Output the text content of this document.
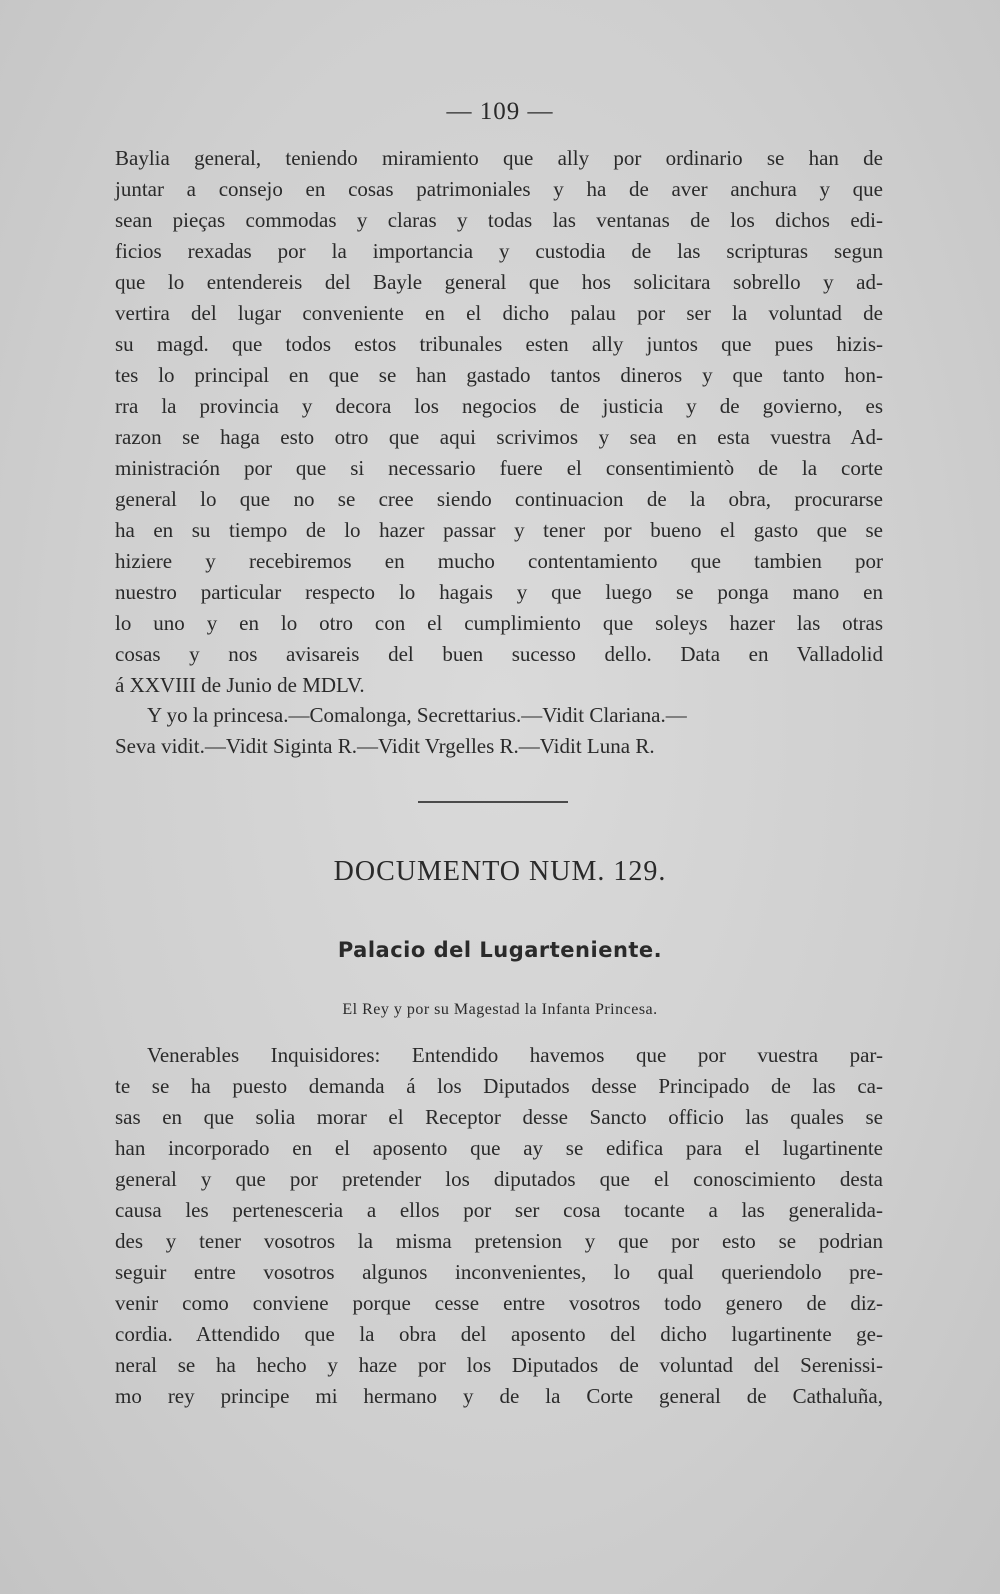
— 109 —
Baylia general, teniendo miramiento que ally por ordinario se han de
juntar a consejo en cosas patrimoniales y ha de aver anchura y que
sean pieças commodas y claras y todas las ventanas de los dichos edi-
ficios rexadas por la importancia y custodia de las scripturas segun
que lo entendereis del Bayle general que hos solicitara sobrello y ad-
vertira del lugar conveniente en el dicho palau por ser la voluntad de
su magd. que todos estos tribunales esten ally juntos que pues hizis-
tes lo principal en que se han gastado tantos dineros y que tanto hon-
rra la provincia y decora los negocios de justicia y de govierno, es
razon se haga esto otro que aqui scrivimos y sea en esta vuestra Ad-
ministración por que si necessario fuere el consentimientò de la corte
general lo que no se cree siendo continuacion de la obra, procurarse
ha en su tiempo de lo hazer passar y tener por bueno el gasto que se
hiziere y recebiremos en mucho contentamiento que tambien por
nuestro particular respecto lo hagais y que luego se ponga mano en
lo uno y en lo otro con el cumplimiento que soleys hazer las otras
cosas y nos avisareis del buen sucesso dello. Data en Valladolid
á XXVIII de Junio de MDLV.
Y yo la princesa.—Comalonga, Secrettarius.—Vidit Clariana.—
Seva vidit.—Vidit Siginta R.—Vidit Vrgelles R.—Vidit Luna R.
DOCUMENTO NUM. 129.
Palacio del Lugarteniente.
El Rey y por su Magestad la Infanta Princesa.
Venerables Inquisidores: Entendido havemos que por vuestra par-
te se ha puesto demanda á los Diputados desse Principado de las ca-
sas en que solia morar el Receptor desse Sancto officio las quales se
han incorporado en el aposento que ay se edifica para el lugartinente
general y que por pretender los diputados que el conoscimiento desta
causa les pertenesceria a ellos por ser cosa tocante a las generalida-
des y tener vosotros la misma pretension y que por esto se podrian
seguir entre vosotros algunos inconvenientes, lo qual queriendolo pre-
venir como conviene porque cesse entre vosotros todo genero de diz-
cordia. Attendido que la obra del aposento del dicho lugartinente ge-
neral se ha hecho y haze por los Diputados de voluntad del Serenissi-
mo rey principe mi hermano y de la Corte general de Cathaluña,
